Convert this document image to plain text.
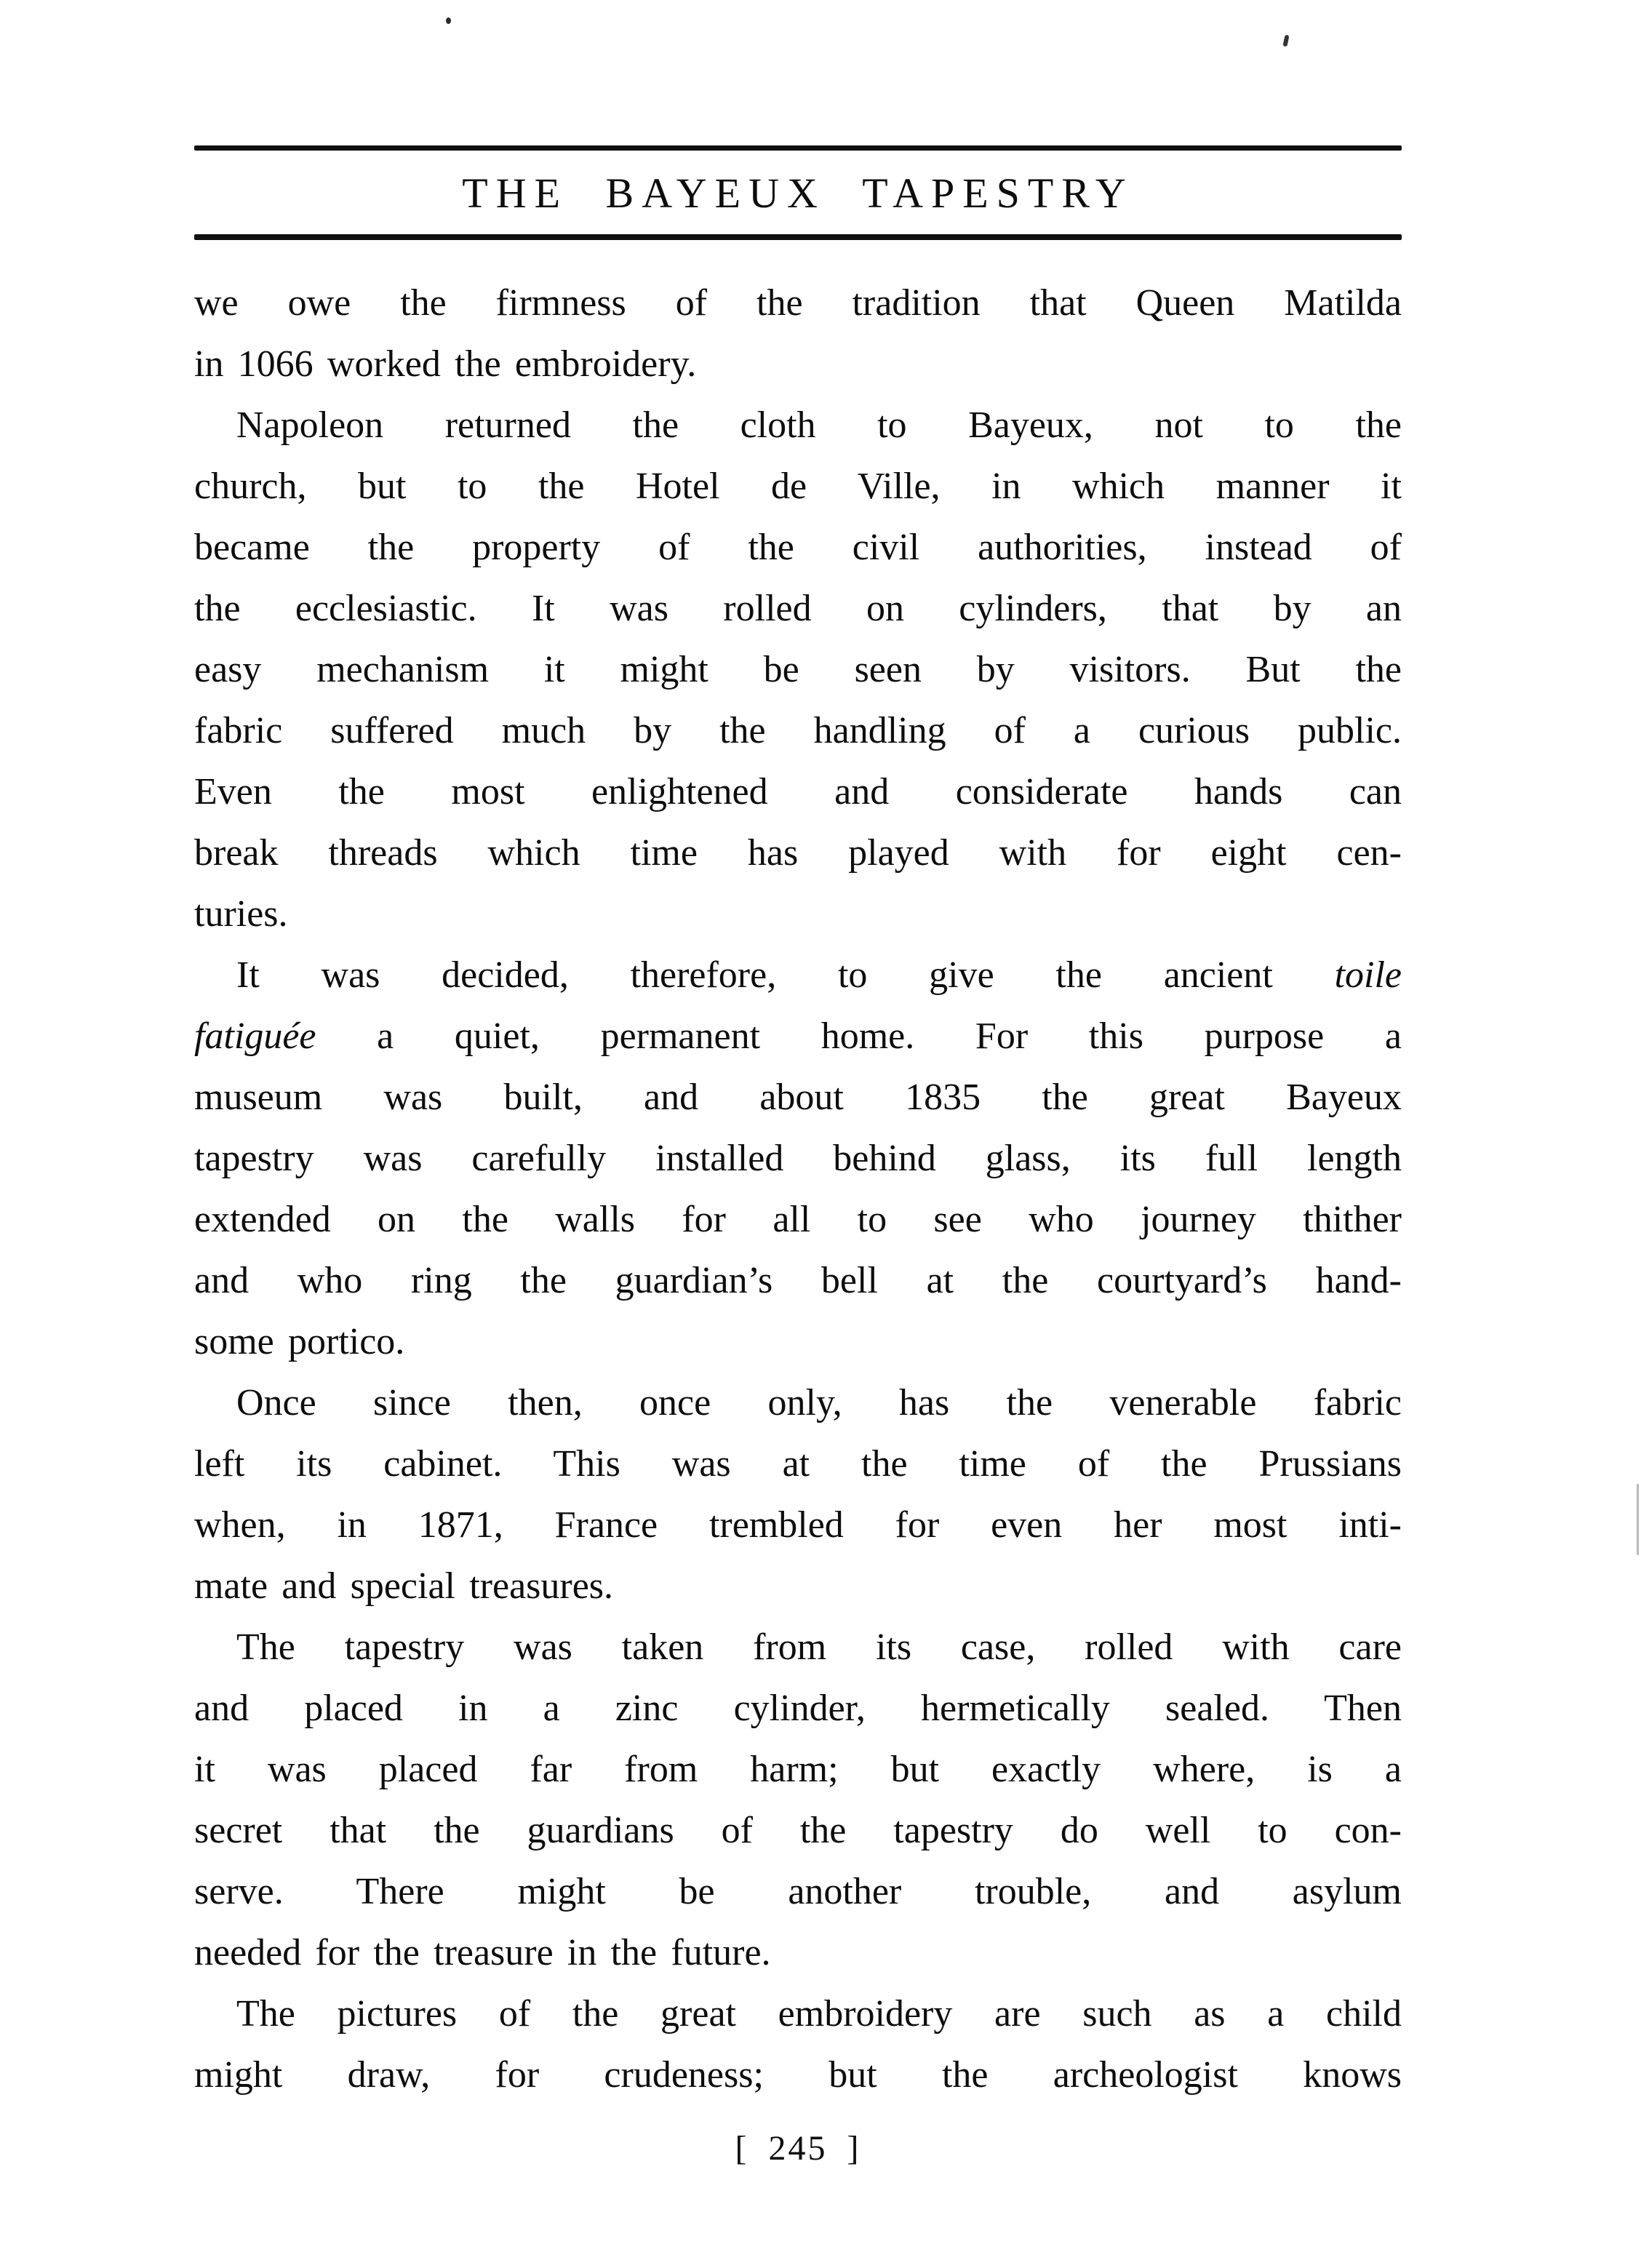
THE BAYEUX TAPESTRY
we owe the firmness of the tradition that Queen Matilda
in 1066 worked the embroidery.
Napoleon returned the cloth to Bayeux, not to the
church, but to the Hotel de Ville, in which manner it
became the property of the civil authorities, instead of
the ecclesiastic. It was rolled on cylinders, that by an
easy mechanism it might be seen by visitors. But the
fabric suffered much by the handling of a curious public.
Even the most enlightened and considerate hands can
break threads which time has played with for eight cen-
turies.
It was decided, therefore, to give the ancient toile
fatiguée a quiet, permanent home. For this purpose a
museum was built, and about 1835 the great Bayeux
tapestry was carefully installed behind glass, its full length
extended on the walls for all to see who journey thither
and who ring the guardian’s bell at the courtyard’s hand-
some portico.
Once since then, once only, has the venerable fabric
left its cabinet. This was at the time of the Prussians
when, in 1871, France trembled for even her most inti-
mate and special treasures.
The tapestry was taken from its case, rolled with care
and placed in a zinc cylinder, hermetically sealed. Then
it was placed far from harm; but exactly where, is a
secret that the guardians of the tapestry do well to con-
serve. There might be another trouble, and asylum
needed for the treasure in the future.
The pictures of the great embroidery are such as a child
might draw, for crudeness; but the archeologist knows
[ 245 ]
